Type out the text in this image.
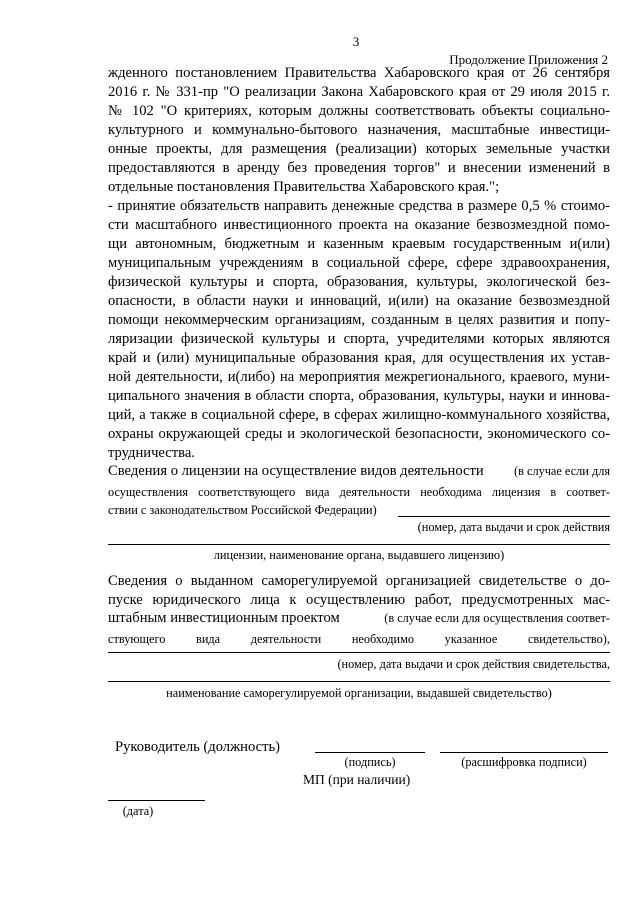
3
Продолжение Приложения 2
жденного постановлением Правительства Хабаровского края от 26 сентября
2016 г. № 331-пр "О реализации Закона Хабаровского края от 29 июля 2015 г.
№ 102 "О критериях, которым должны соответствовать объекты социально-
культурного и коммунально-бытового назначения, масштабные инвестици-
онные проекты, для размещения (реализации) которых земельные участки
предоставляются в аренду без проведения торгов" и внесении изменений в
отдельные постановления Правительства Хабаровского края.";
- принятие обязательств направить денежные средства в размере 0,5 % стоимо-
сти масштабного инвестиционного проекта на оказание безвозмездной помо-
щи автономным, бюджетным и казенным краевым государственным и(или)
муниципальным учреждениям в социальной сфере, сфере здравоохранения,
физической культуры и спорта, образования, культуры, экологической без-
опасности, в области науки и инноваций, и(или) на оказание безвозмездной
помощи некоммерческим организациям, созданным в целях развития и попу-
ляризации физической культуры и спорта, учредителями которых являются
край и (или) муниципальные образования края, для осуществления их устав-
ной деятельности, и(либо) на мероприятия межрегионального, краевого, муни-
ципального значения в области спорта, образования, культуры, науки и иннова-
ций, а также в социальной сфере, в сферах жилищно-коммунального хозяйства,
охраны окружающей среды и экологической безопасности, экономического со-
трудничества.
Сведения о лицензии на осуществление видов деятельности (в случае если для
осуществления соответствующего вида деятельности необходима лицензия в соответ-
ствии с законодательством Российской Федерации)
(номер, дата выдачи и срок действия
лицензии, наименование органа, выдавшего лицензию)
Сведения о выданном саморегулируемой организацией свидетельстве о до-
пуске юридического лица к осуществлению работ, предусмотренных мас-
штабным инвестиционным проектом	(в случае если для осуществления соответ-
ствующего вида деятельности необходимо указанное свидетельство),
(номер, дата выдачи и срок действия свидетельства,
наименование саморегулируемой организации, выдавшей свидетельство)
Руководитель (должность)
(подпись)	(расшифровка подписи)
МП (при наличии)
(дата)
